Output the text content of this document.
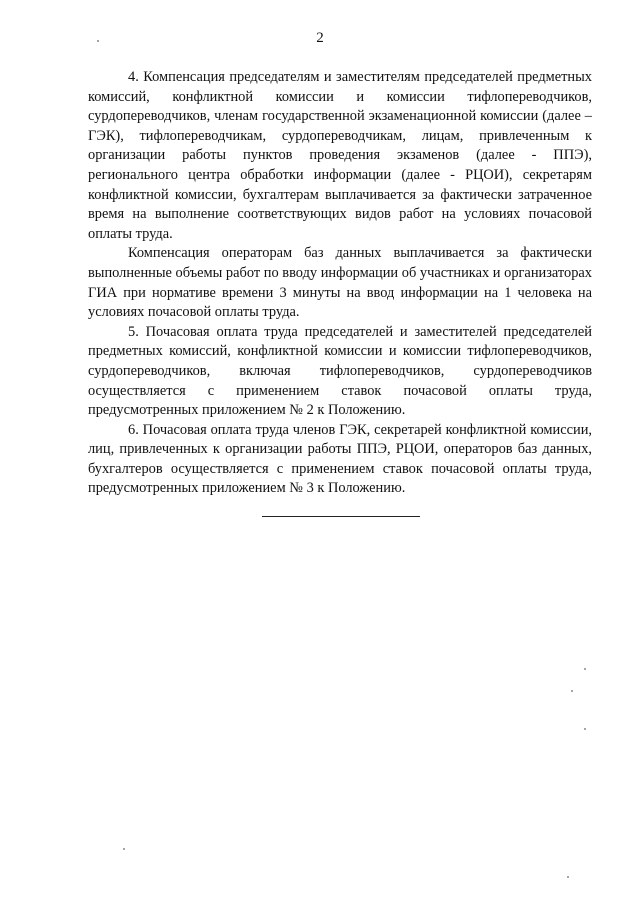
2

4. Компенсация председателям и заместителям председателей предметных комиссий, конфликтной комиссии и комиссии тифлопереводчиков, сурдопереводчиков, членам государственной экзаменационной комиссии (далее – ГЭК), тифлопереводчикам, сурдопереводчикам, лицам, привлеченным к организации работы пунктов проведения экзаменов (далее - ППЭ), регионального центра обработки информации (далее - РЦОИ), секретарям конфликтной комиссии, бухгалтерам выплачивается за фактически затраченное время на выполнение соответствующих видов работ на условиях почасовой оплаты труда.

Компенсация операторам баз данных выплачивается за фактически выполненные объемы работ по вводу информации об участниках и организаторах ГИА при нормативе времени 3 минуты на ввод информации на 1 человека на условиях почасовой оплаты труда.

5. Почасовая оплата труда председателей и заместителей председателей предметных комиссий, конфликтной комиссии и комиссии тифлопереводчиков, сурдопереводчиков, включая тифлопереводчиков, сурдопереводчиков осуществляется с применением ставок почасовой оплаты труда, предусмотренных приложением № 2 к Положению.

6. Почасовая оплата труда членов ГЭК, секретарей конфликтной комиссии, лиц, привлеченных к организации работы ППЭ, РЦОИ, операторов баз данных, бухгалтеров осуществляется с применением ставок почасовой оплаты труда, предусмотренных приложением № 3 к Положению.
